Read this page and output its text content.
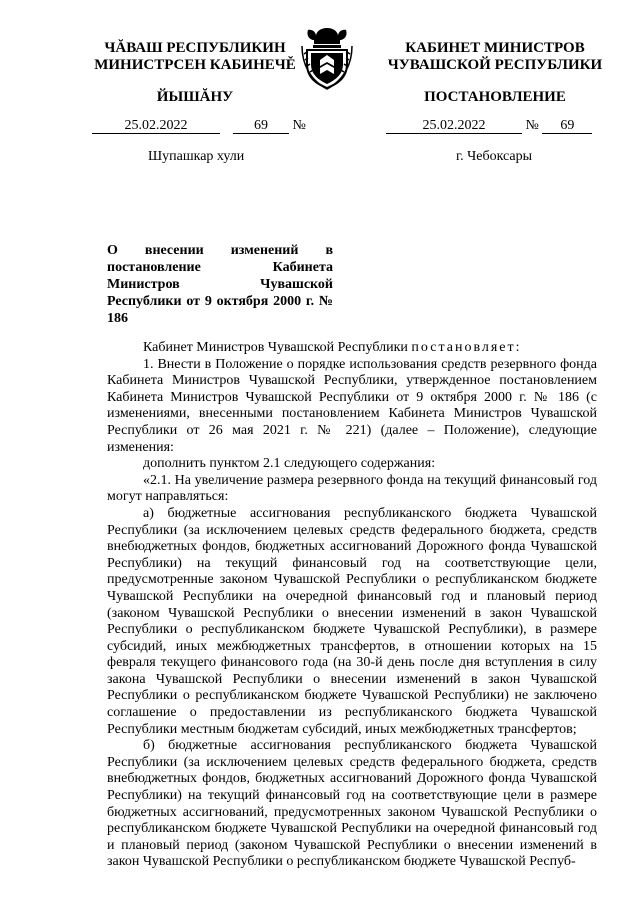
ЧĂВАШ РЕСПУБЛИКИН
МИНИСТРСЕН КАБИНЕЧĚ
ЙЫШĂНУ
КАБИНЕТ МИНИСТРОВ
ЧУВАШСКОЙ РЕСПУБЛИКИ
ПОСТАНОВЛЕНИЕ
25.02.2022	69 №	25.02.2022	№ 69
Шупашкар хули	г. Чебоксары
О внесении изменений в постановление Кабинета Министров Чувашской Республики от 9 октября 2000 г. № 186

Кабинет Министров Чувашской Республики постановляет:

1. Внести в Положение о порядке использования средств резервного фонда Кабинета Министров Чувашской Республики, утвержденное постановлением Кабинета Министров Чувашской Республики от 9 октября 2000 г. № 186 (с изменениями, внесенными постановлением Кабинета Министров Чувашской Республики от 26 мая 2021 г. № 221) (далее – Положение), следующие изменения:

дополнить пунктом 2.1 следующего содержания:

«2.1. На увеличение размера резервного фонда на текущий финансовый год могут направляться:

а) бюджетные ассигнования республиканского бюджета Чувашской Республики (за исключением целевых средств федерального бюджета, средств внебюджетных фондов, бюджетных ассигнований Дорожного фонда Чувашской Республики) на текущий финансовый год на соответствующие цели, предусмотренные законом Чувашской Республики о республиканском бюджете Чувашской Республики на очередной финансовый год и плановый период (законом Чувашской Республики о внесении изменений в закон Чувашской Республики о республиканском бюджете Чувашской Республики), в размере субсидий, иных межбюджетных трансфертов, в отношении которых на 15 февраля текущего финансового года (на 30-й день после дня вступления в силу закона Чувашской Республики о внесении изменений в закон Чувашской Республики о республиканском бюджете Чувашской Республики) не заключено соглашение о предоставлении из республиканского бюджета Чувашской Республики местным бюджетам субсидий, иных межбюджетных трансфертов;

б) бюджетные ассигнования республиканского бюджета Чувашской Республики (за исключением целевых средств федерального бюджета, средств внебюджетных фондов, бюджетных ассигнований Дорожного фонда Чувашской Республики) на текущий финансовый год на соответствующие цели в размере бюджетных ассигнований, предусмотренных законом Чувашской Республики о республиканском бюджете Чувашской Республики на очередной финансовый год и плановый период (законом Чувашской Республики о внесении изменений в закон Чувашской Республики о республиканском бюджете Чувашской Респуб-
